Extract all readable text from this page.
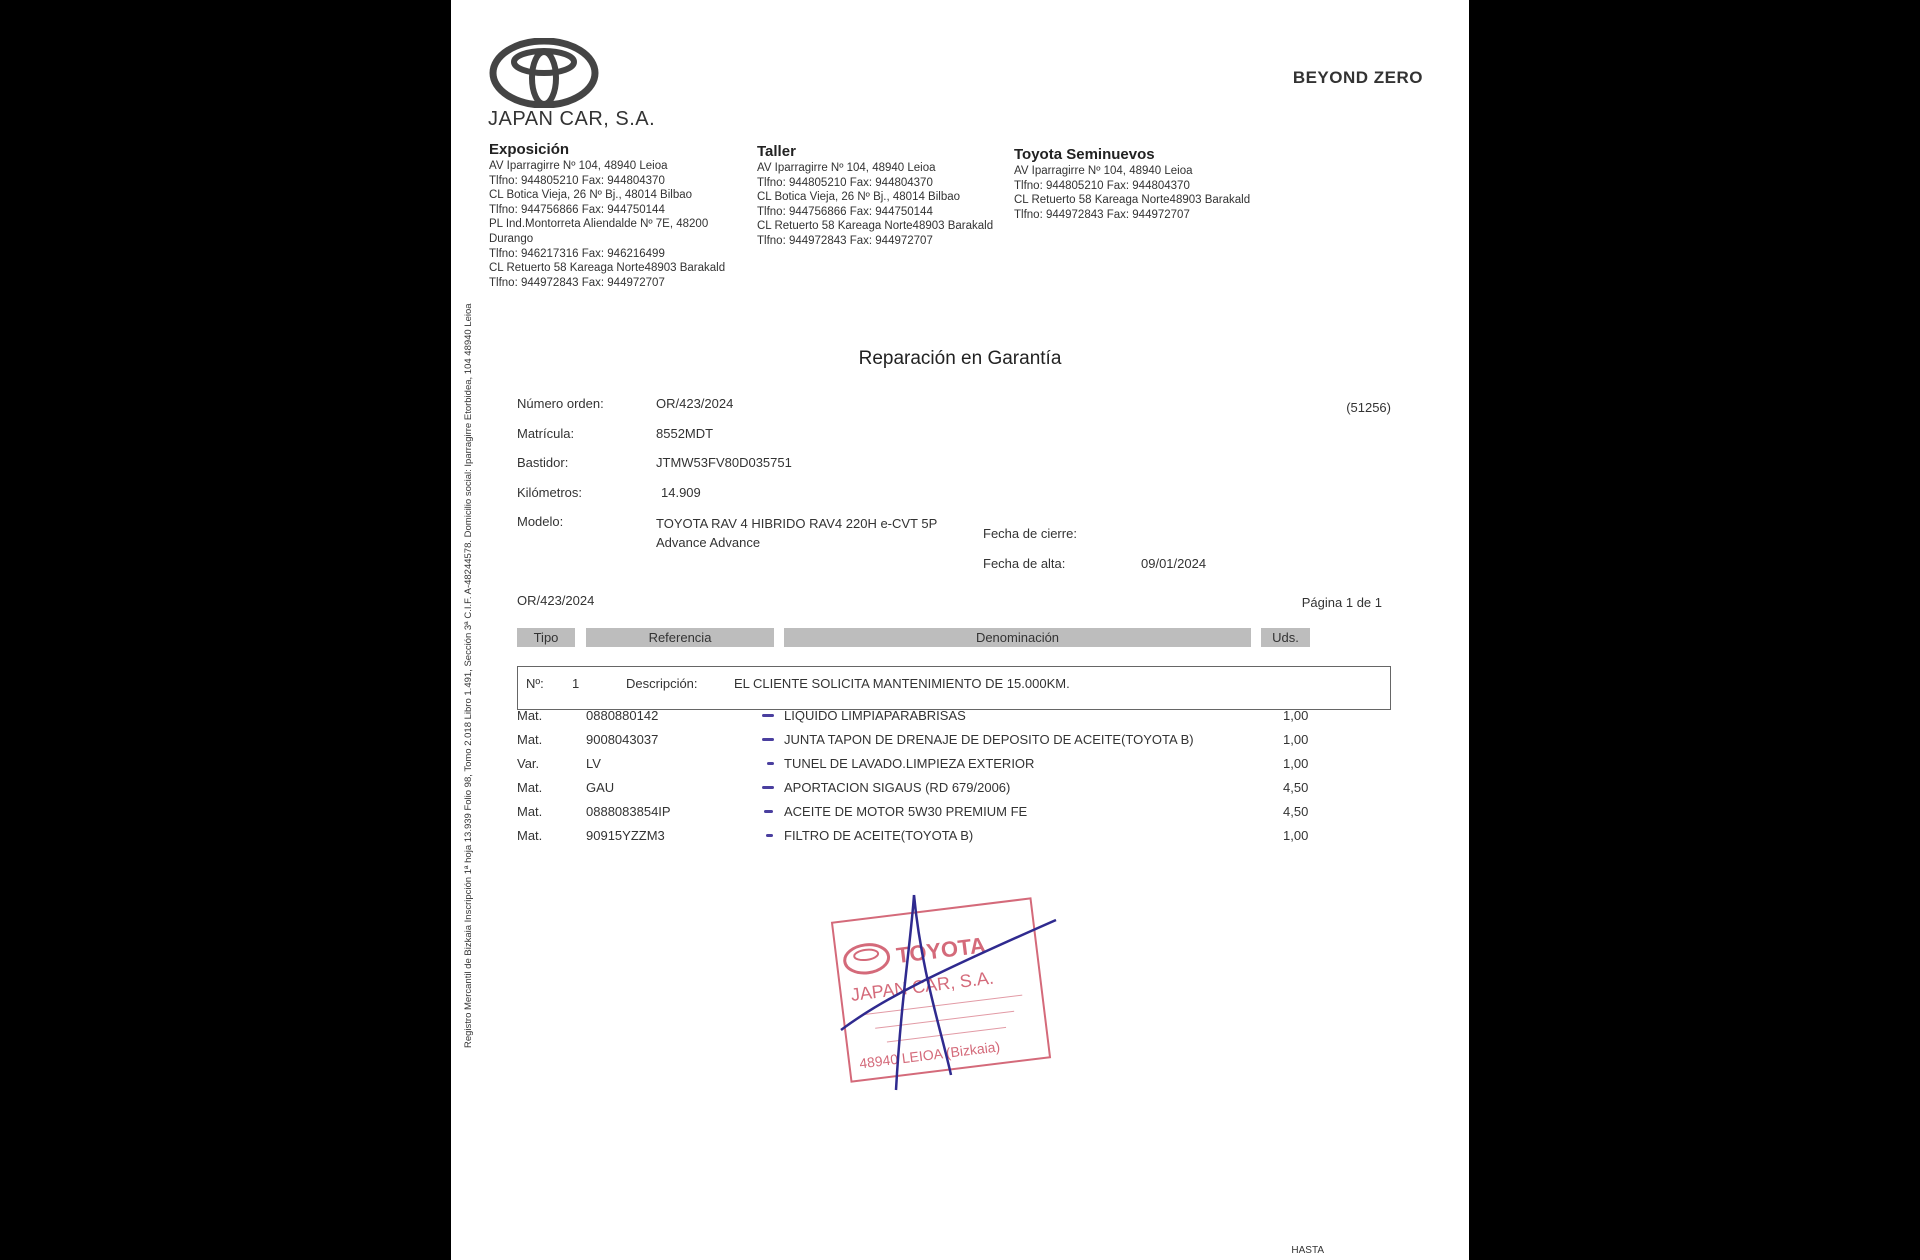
JAPAN CAR, S.A.
BEYOND ZERO
Exposición
AV Iparragirre Nº 104, 48940 Leioa
Tlfno: 944805210 Fax: 944804370
CL Botica Vieja, 26 Nº Bj., 48014 Bilbao
Tlfno: 944756866 Fax: 944750144
PL Ind.Montorreta Aliendalde Nº 7E, 48200
Durango
Tlfno: 946217316 Fax: 946216499
CL Retuerto 58 Kareaga Norte48903 Barakald
Tlfno: 944972843 Fax: 944972707
Taller
AV Iparragirre Nº 104, 48940 Leioa
Tlfno: 944805210 Fax: 944804370
CL Botica Vieja, 26 Nº Bj., 48014 Bilbao
Tlfno: 944756866 Fax: 944750144
CL Retuerto 58 Kareaga Norte48903 Barakald
Tlfno: 944972843 Fax: 944972707
Toyota Seminuevos
AV Iparragirre Nº 104, 48940 Leioa
Tlfno: 944805210 Fax: 944804370
CL Retuerto 58 Kareaga Norte48903 Barakald
Tlfno: 944972843 Fax: 944972707
Registro Mercantil de Bizkaia Inscripción 1ª hoja 13.939 Folio 98, Tomo 2.018 Libro 1.491, Sección 3ª C.I.F. A-48244578. Domicilio social: Iparragirre Etorbidea, 104 48940 Leioa	Reparación en Garantía
Número orden:	OR/423/2024	(51256)
Matrícula:	8552MDT
Bastidor:	JTMW53FV80D035751
Kilómetros:	14.909
Modelo:	TOYOTA RAV 4 HIBRIDO RAV4 220H e-CVT 5P
Advance Advance
Fecha de cierre:
Fecha de alta:	09/01/2024
OR/423/2024	Página 1 de 1
Tipo	Referencia	Denominación	Uds.
Nº: 1	Descripción:	EL CLIENTE SOLICITA MANTENIMIENTO DE 15.000KM.
Mat.	0880880142	LIQUIDO LIMPIAPARABRISAS	1,00
Mat.	9008043037	JUNTA TAPON DE DRENAJE DE DEPOSITO DE ACEITE(TOYOTA B)	1,00
Var.	LV	TUNEL DE LAVADO.LIMPIEZA EXTERIOR	1,00
Mat.	GAU	APORTACION SIGAUS (RD 679/2006)	4,50
Mat.	0888083854IP	ACEITE DE MOTOR 5W30 PREMIUM FE	4,50
Mat.	90915YZZM3	FILTRO DE ACEITE(TOYOTA B)	1,00
TOYOTA
JAPAN CAR, S.A.
48940 LEIOA (Bizkaia)
HASTA
